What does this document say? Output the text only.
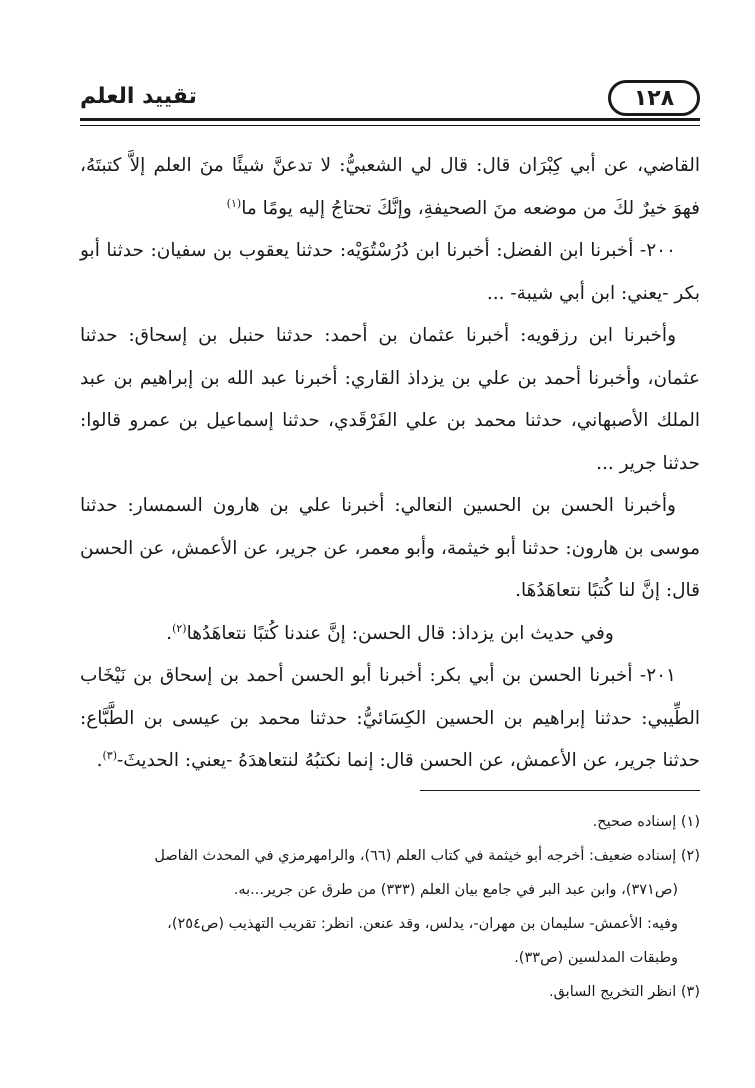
١٢٨
تقييد العلم

القاضي، عن أبي كِبْرَان قال: قال لي الشعبيُّ: لا تدعنَّ شيئًا منَ العلم إلاَّ كتبتَهُ، فهوَ خيرٌ لكَ من موضعه منَ الصحيفةِ، وإنَّكَ تحتاجُ إليه يومًا ما$^{(١)}$

٢٠٠- أخبرنا ابن الفضل: أخبرنا ابن دُرُسْتُوَيْه: حدثنا يعقوب بن سفيان: حدثنا أبو بكر -يعني: ابن أبي شيبة- ...

وأخبرنا ابن رزقويه: أخبرنا عثمان بن أحمد: حدثنا حنبل بن إسحاق: حدثنا عثمان، وأخبرنا أحمد بن علي بن يزداذ القاري: أخبرنا عبد الله بن إبراهيم بن عبد الملك الأصبهاني، حدثنا محمد بن علي الفَرْقَدي، حدثنا إسماعيل بن عمرو قالوا: حدثنا جرير ...

وأخبرنا الحسن بن الحسين النعالي: أخبرنا علي بن هارون السمسار: حدثنا موسى بن هارون: حدثنا أبو خيثمة، وأبو معمر، عن جرير، عن الأعمش، عن الحسن قال: إنَّ لنا كُتبًا نتعاهَدُهَا.

وفي حديث ابن يزداذ: قال الحسن: إنَّ عندنا كُتبًا نتعاهَدُها$^{(٢)}$.

٢٠١- أخبرنا الحسن بن أبي بكر: أخبرنا أبو الحسن أحمد بن إسحاق بن نَيْخَاب الطِّيبي: حدثنا إبراهيم بن الحسين الكِسَائيُّ: حدثنا محمد بن عيسى بن الطَّبَّاع: حدثنا جرير، عن الأعمش، عن الحسن قال: إنما نكتبُهُ لنتعاهدَهُ -يعني: الحديثَ-$^{(٣)}$.

(١) إسناده صحيح.

(٢) إسناده ضعيف: أخرجه أبو خيثمة في كتاب العلم (٦٦)، والرامهرمزي في المحدث الفاصل

(ص٣٧١)، وابن عبد البر في جامع بيان العلم (٣٣٣) من طرق عن جرير...به.

وفيه: الأعمش- سليمان بن مهران-، يدلس، وقد عنعن. انظر: تقريب التهذيب (ص٢٥٤)،

وطبقات المدلسين (ص٣٣).

(٣) انظر التخريج السابق.
